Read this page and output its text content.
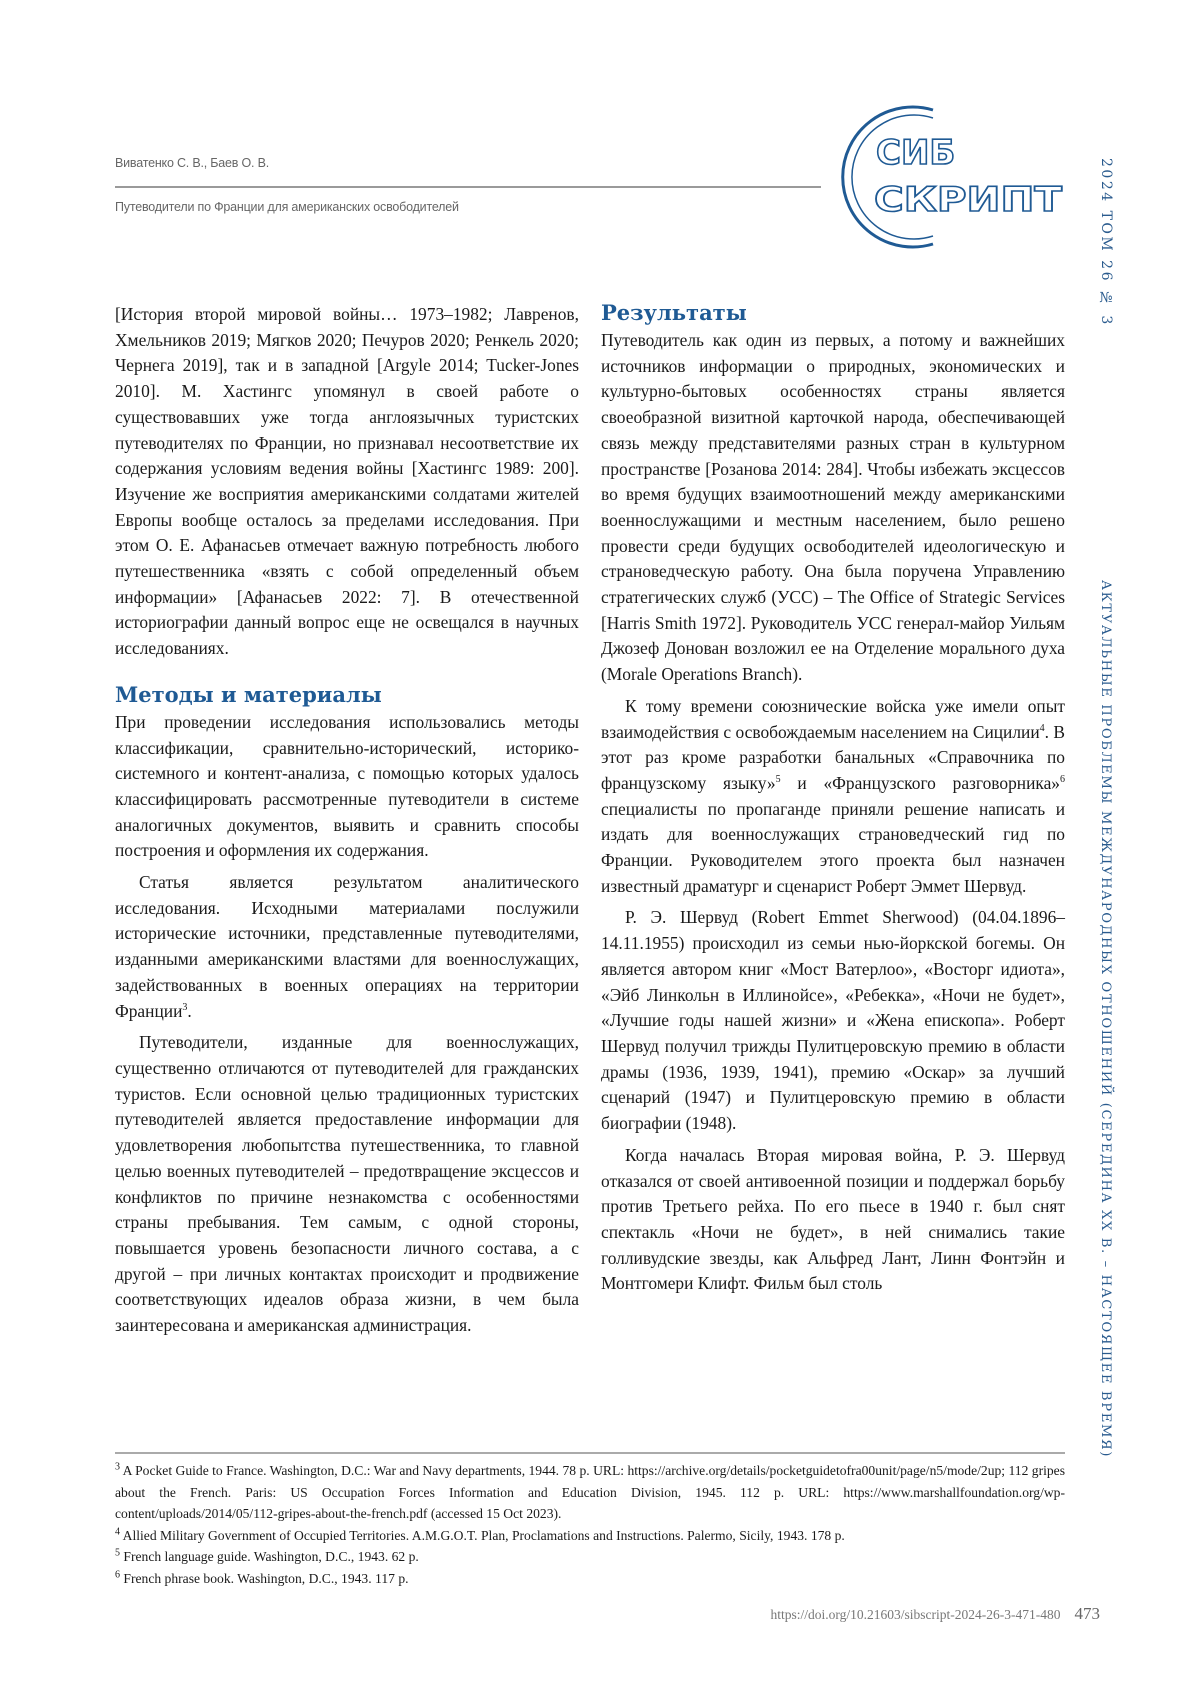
Виватенко С. В., Баев О. В.
Путеводители по Франции для американских освободителей
СИБ
СКРИПТ	2024 ТОМ 26 № 3
АКТУАЛЬНЫЕ ПРОБЛЕМЫ МЕЖДУНАРОДНЫХ ОТНОШЕНИЙ (СЕРЕДИНА XX В. – НАСТОЯЩЕЕ ВРЕМЯ)

[История второй мировой войны… 1973–1982; Лавренов, Хмельников 2019; Мягков 2020; Печуров 2020; Ренкель 2020; Чернега 2019], так и в западной [Argyle 2014; Tucker-Jones 2010]. М. Хастингс упомянул в своей работе о существовавших уже тогда англоязычных туристских путеводителях по Франции, но признавал несоответствие их содержания условиям ведения войны [Хастингс 1989: 200]. Изучение же восприятия американскими солдатами жителей Европы вообще осталось за пределами исследования. При этом О. Е. Афанасьев отмечает важную потребность любого путешественника «взять с собой определенный объем информации» [Афанасьев 2022: 7]. В отечественной историографии данный вопрос еще не освещался в научных исследованиях.

Методы и материалы

При проведении исследования использовались методы классификации, сравнительно-исторический, историко-системного и контент-анализа, с помощью которых удалось классифицировать рассмотренные путеводители в системе аналогичных документов, выявить и сравнить способы построения и оформления их содержания.

Статья является результатом аналитического исследования. Исходными материалами послужили исторические источники, представленные путеводителями, изданными американскими властями для военнослужащих, задействованных в военных операциях на территории Франции3.

Путеводители, изданные для военнослужащих, существенно отличаются от путеводителей для гражданских туристов. Если основной целью традиционных туристских путеводителей является предоставление информации для удовлетворения любопытства путешественника, то главной целью военных путеводителей – предотвращение эксцессов и конфликтов по причине незнакомства с особенностями страны пребывания. Тем самым, с одной стороны, повышается уровень безопасности личного состава, а с другой – при личных контактах происходит и продвижение соответствующих идеалов образа жизни, в чем была заинтересована и американская администрация.

Результаты

Путеводитель как один из первых, а потому и важнейших источников информации о природных, экономических и культурно-бытовых особенностях страны является своеобразной визитной карточкой народа, обеспечивающей связь между представителями разных стран в культурном пространстве [Розанова 2014: 284]. Чтобы избежать эксцессов во время будущих взаимоотношений между американскими военнослужащими и местным населением, было решено провести среди будущих освободителей идеологическую и страноведческую работу. Она была поручена Управлению стратегических служб (УСС) – The Office of Strategic Services [Harris Smith 1972]. Руководитель УСС генерал-майор Уильям Джозеф Донован возложил ее на Отделение морального духа (Morale Operations Branch).

К тому времени союзнические войска уже имели опыт взаимодействия с освобождаемым населением на Сицилии4. В этот раз кроме разработки банальных «Справочника по французскому языку»5 и «Французского разговорника»6 специалисты по пропаганде приняли решение написать и издать для военнослужащих страноведческий гид по Франции. Руководителем этого проекта был назначен известный драматург и сценарист Роберт Эммет Шервуд.

Р. Э. Шервуд (Robert Emmet Sherwood) (04.04.1896–14.11.1955) происходил из семьи нью-йоркской богемы. Он является автором книг «Мост Ватерлоо», «Восторг идиота», «Эйб Линкольн в Иллинойсе», «Ребекка», «Ночи не будет», «Лучшие годы нашей жизни» и «Жена епископа». Роберт Шервуд получил трижды Пулитцеровскую премию в области драмы (1936, 1939, 1941), премию «Оскар» за лучший сценарий (1947) и Пулитцеровскую премию в области биографии (1948).

Когда началась Вторая мировая война, Р. Э. Шервуд отказался от своей антивоенной позиции и поддержал борьбу против Третьего рейха. По его пьесе в 1940 г. был снят спектакль «Ночи не будет», в ней снимались такие голливудские звезды, как Альфред Лант, Линн Фонтэйн и Монтгомери Клифт. Фильм был столь

3 A Pocket Guide to France. Washington, D.C.: War and Navy departments, 1944. 78 p. URL: https://archive.org/details/pocketguidetofra00unit/page/n5/mode/2up; 112 gripes about the French. Paris: US Occupation Forces Information and Education Division, 1945. 112 p. URL: https://www.marshallfoundation.org/wp-content/uploads/2014/05/112-gripes-about-the-french.pdf (accessed 15 Oct 2023).

4 Allied Military Government of Occupied Territories. A.M.G.O.T. Plan, Proclamations and Instructions. Palermo, Sicily, 1943. 178 p.

5 French language guide. Washington, D.C., 1943. 62 p.

6 French phrase book. Washington, D.C., 1943. 117 p.

https://doi.org/10.21603/sibscript-2024-26-3-471-480 473
